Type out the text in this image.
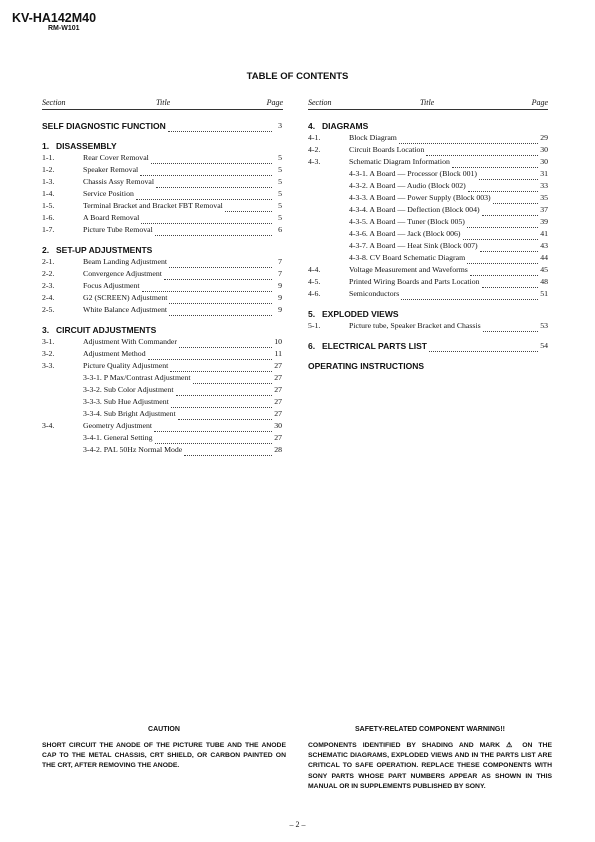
KV-HA142M40
RM-W101
TABLE OF CONTENTS
Section	Title	Page	Section	Title	Page
SELF DIAGNOSTIC FUNCTION	3
1. DISASSEMBLY
1-1.	Rear Cover Removal	5
1-2.	Speaker Removal	5
1-3.	Chassis Assy Removal	5
1-4.	Service Position	5
1-5.	Terminal Bracket and Bracket FBT Removal	5
1-6.	A Board Removal	5
1-7.	Picture Tube Removal	6
2. SET-UP ADJUSTMENTS
2-1.	Beam Landing Adjustment	7
2-2.	Convergence Adjustment	7
2-3.	Focus Adjustment	9
2-4.	G2 (SCREEN) Adjustment	9
2-5.	White Balance Adjustment	9
3. CIRCUIT ADJUSTMENTS
3-1.	Adjustment With Commander	10
3-2.	Adjustment Method	11
3-3.	Picture Quality Adjustment	27
3-3-1. P Max/Contrast Adjustment	27
3-3-2. Sub Color Adjustment	27
3-3-3. Sub Hue Adjustment	27
3-3-4. Sub Bright Adjustment	27
3-4.	Geometry Adjustment	30
3-4-1. General Setting	27
3-4-2. PAL 50Hz Normal Mode	28
4. DIAGRAMS
4-1.	Block Diagram	29
4-2.	Circuit Boards Location	30
4-3.	Schematic Diagram Information	30
4-3-1. A Board — Processor (Block 001)	31
4-3-2. A Board — Audio (Block 002)	33
4-3-3. A Board — Power Supply (Block 003)	35
4-3-4. A Board — Deflection (Block 004)	37
4-3-5. A Board — Tuner (Block 005)	39
4-3-6. A Board — Jack (Block 006)	41
4-3-7. A Board — Heat Sink (Block 007)	43
4-3-8. CV Board Schematic Diagram	44
4-4.	Voltage Measurement and Waveforms	45
4-5.	Printed Wiring Boards and Parts Location	48
4-6.	Semiconductors	51
5. EXPLODED VIEWS
5-1.	Picture tube, Speaker Bracket and Chassis	53
6. ELECTRICAL PARTS LIST	54
OPERATING INSTRUCTIONS
CAUTION
SHORT CIRCUIT THE ANODE OF THE PICTURE TUBE AND THE ANODE CAP TO THE METAL CHASSIS, CRT SHIELD, OR CARBON PAINTED ON THE CRT, AFTER REMOVING THE ANODE.
SAFETY-RELATED COMPONENT WARNING!!
COMPONENTS IDENTIFIED BY SHADING AND MARK ⚠ ON THE SCHEMATIC DIAGRAMS, EXPLODED VIEWS AND IN THE PARTS LIST ARE CRITICAL TO SAFE OPERATION. REPLACE THESE COMPONENTS WITH SONY PARTS WHOSE PART NUMBERS APPEAR AS SHOWN IN THIS MANUAL OR IN SUPPLEMENTS PUBLISHED BY SONY.
– 2 –
